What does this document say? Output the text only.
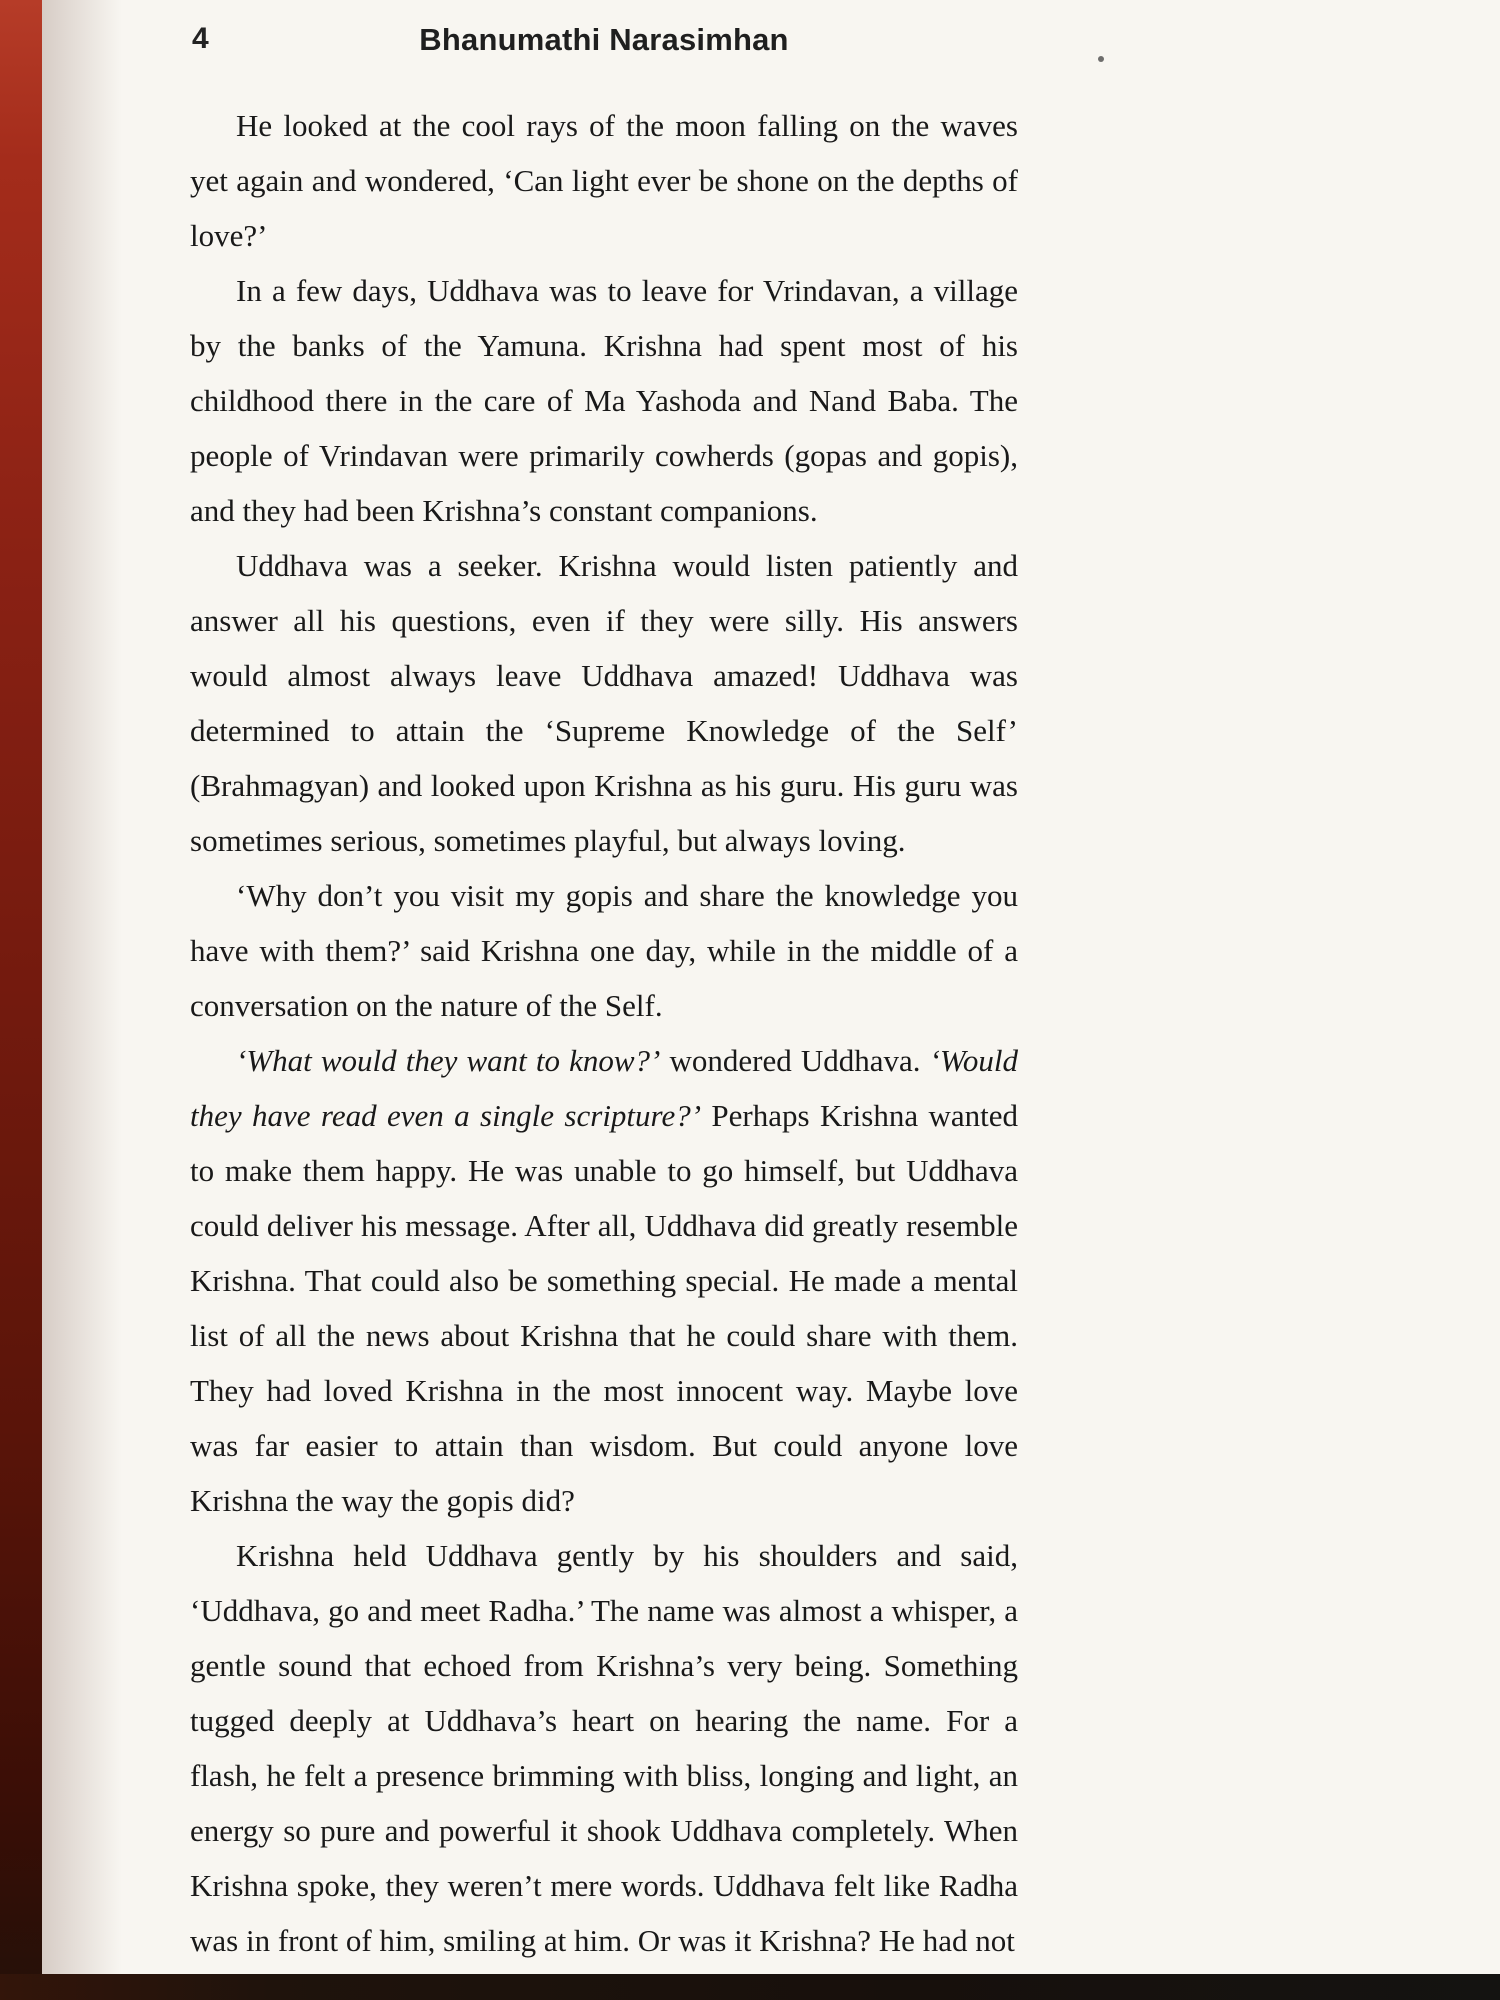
4	Bhanumathi Narasimhan

He looked at the cool rays of the moon falling on the waves yet again and wondered, ‘Can light ever be shone on the depths of love?’

In a few days, Uddhava was to leave for Vrindavan, a village by the banks of the Yamuna. Krishna had spent most of his childhood there in the care of Ma Yashoda and Nand Baba. The people of Vrindavan were primarily cowherds (gopas and gopis), and they had been Krishna’s constant companions.

Uddhava was a seeker. Krishna would listen patiently and answer all his questions, even if they were silly. His answers would almost always leave Uddhava amazed! Uddhava was determined to attain the ‘Supreme Knowledge of the Self’ (Brahmagyan) and looked upon Krishna as his guru. His guru was sometimes serious, sometimes playful, but always loving.

‘Why don’t you visit my gopis and share the knowledge you have with them?’ said Krishna one day, while in the middle of a conversation on the nature of the Self.

‘What would they want to know?’ wondered Uddhava. ‘Would they have read even a single scripture?’ Perhaps Krishna wanted to make them happy. He was unable to go himself, but Uddhava could deliver his message. After all, Uddhava did greatly resemble Krishna. That could also be something special. He made a mental list of all the news about Krishna that he could share with them. They had loved Krishna in the most innocent way. Maybe love was far easier to attain than wisdom. But could anyone love Krishna the way the gopis did?

Krishna held Uddhava gently by his shoulders and said, ‘Uddhava, go and meet Radha.’ The name was almost a whisper, a gentle sound that echoed from Krishna’s very being. Something tugged deeply at Uddhava’s heart on hearing the name. For a flash, he felt a presence brimming with bliss, longing and light, an energy so pure and powerful it shook Uddhava completely. When Krishna spoke, they weren’t mere words. Uddhava felt like Radha was in front of him, smiling at him. Or was it Krishna? He had not
